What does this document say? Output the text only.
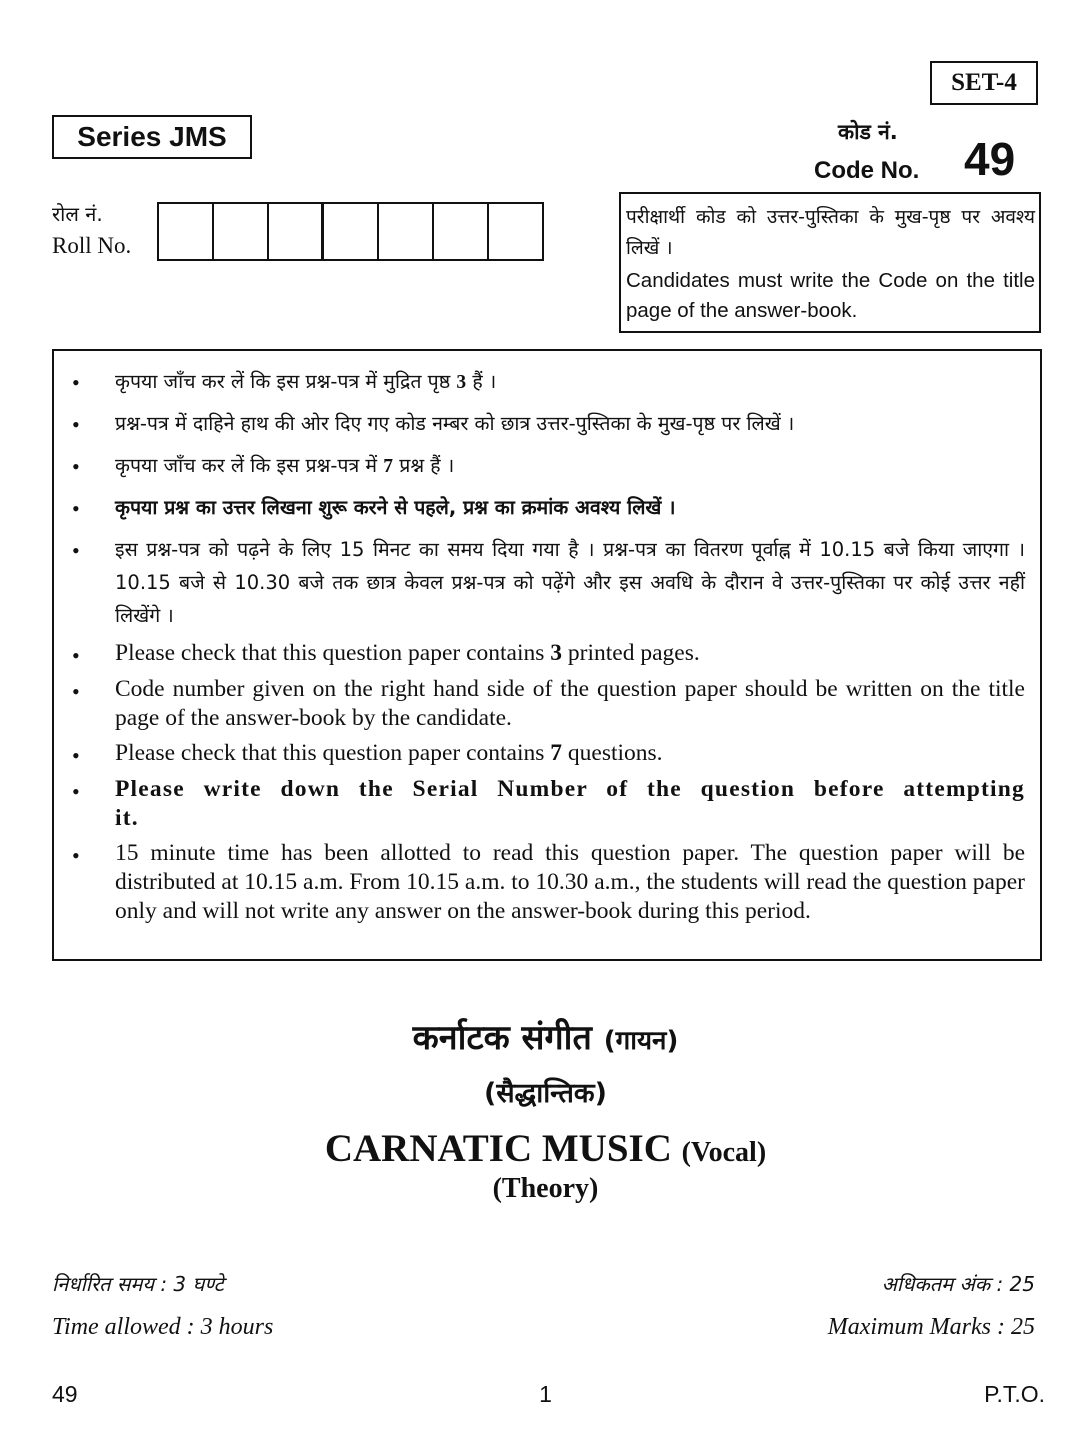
SET-4
Series JMS	कोड नं.
Code No. 49
रोल नं.
Roll No.
परीक्षार्थी कोड को उत्तर-पुस्तिका के मुख-पृष्ठ पर अवश्य लिखें ।
Candidates must write the Code on the title page of the answer-book.
• कृपया जाँच कर लें कि इस प्रश्न-पत्र में मुद्रित पृष्ठ 3 हैं ।
• प्रश्न-पत्र में दाहिने हाथ की ओर दिए गए कोड नम्बर को छात्र उत्तर-पुस्तिका के मुख-पृष्ठ पर लिखें ।
• कृपया जाँच कर लें कि इस प्रश्न-पत्र में 7 प्रश्न हैं ।
• कृपया प्रश्न का उत्तर लिखना शुरू करने से पहले, प्रश्न का क्रमांक अवश्य लिखें ।
• इस प्रश्न-पत्र को पढ़ने के लिए 15 मिनट का समय दिया गया है । प्रश्न-पत्र का वितरण पूर्वाह्न में 10.15 बजे किया जाएगा । 10.15 बजे से 10.30 बजे तक छात्र केवल प्रश्न-पत्र को पढ़ेंगे और इस अवधि के दौरान वे उत्तर-पुस्तिका पर कोई उत्तर नहीं लिखेंगे ।
• Please check that this question paper contains 3 printed pages.
• Code number given on the right hand side of the question paper should be written on the title page of the answer-book by the candidate.
• Please check that this question paper contains 7 questions.
• Please write down the Serial Number of the question before attempting it.
• 15 minute time has been allotted to read this question paper. The question paper will be distributed at 10.15 a.m. From 10.15 a.m. to 10.30 a.m., the students will read the question paper only and will not write any answer on the answer-book during this period.
कर्नाटक संगीत (गायन)
(सैद्धान्तिक)
CARNATIC MUSIC (Vocal)
(Theory)
निर्धारित समय : 3 घण्टे	अधिकतम अंक : 25
Time allowed : 3 hours	Maximum Marks : 25
49	1	P.T.O.
